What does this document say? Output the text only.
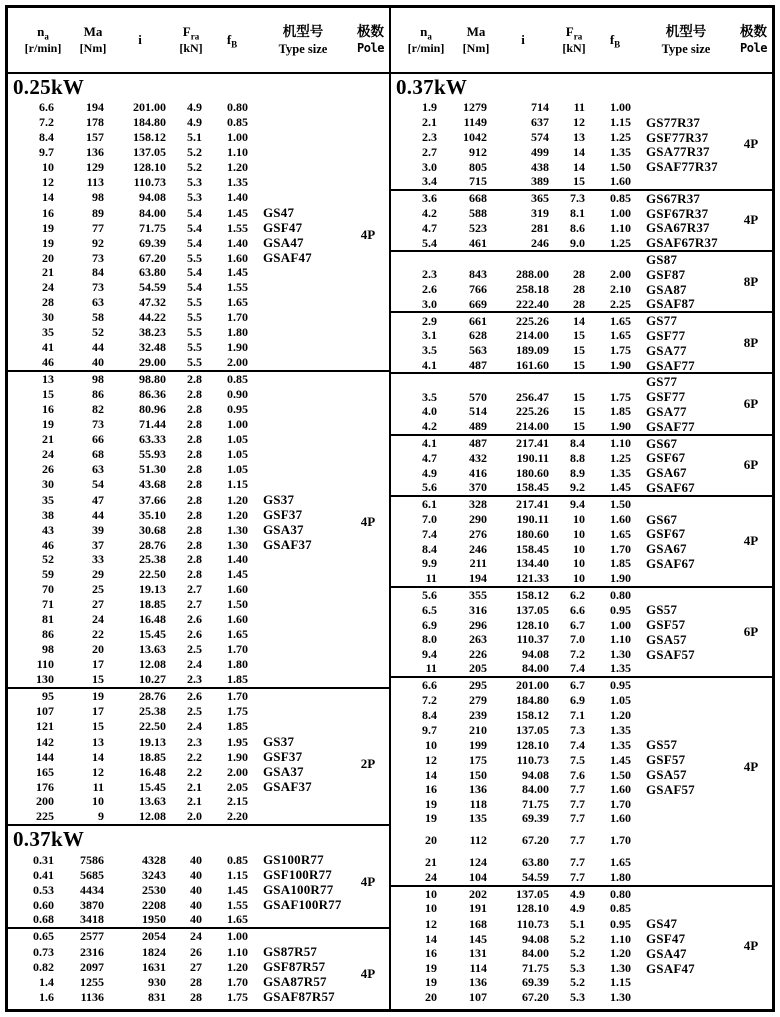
$n_a$
[r/min]
Ma
[Nm]
i
$F_{ra}$
[kN]
$f_B$
机型号
Type size
极数
Pole
0.25kW
6.6	194	201.00	4.9	0.80
7.2	178	184.80	4.9	0.85
8.4	157	158.12	5.1	1.00
9.7	136	137.05	5.2	1.10
10	129	128.10	5.2	1.20
12	113	110.73	5.3	1.35
14	98	94.08	5.3	1.40
16	89	84.00	5.4	1.45	GS47
19	77	71.75	5.4	1.55	GSF47
19	92	69.39	5.4	1.40	GSA47
20	73	67.20	5.5	1.60	GSAF47
21	84	63.80	5.4	1.45
24	73	54.59	5.4	1.55
28	63	47.32	5.5	1.65
30	58	44.22	5.5	1.70
35	52	38.23	5.5	1.80
41	44	32.48	5.5	1.90
46	40	29.00	5.5	2.00
4P
13	98	98.80	2.8	0.85
15	86	86.36	2.8	0.90
16	82	80.96	2.8	0.95
19	73	71.44	2.8	1.00
21	66	63.33	2.8	1.05
24	68	55.93	2.8	1.05
26	63	51.30	2.8	1.05
30	54	43.68	2.8	1.15
35	47	37.66	2.8	1.20	GS37
38	44	35.10	2.8	1.20	GSF37
43	39	30.68	2.8	1.30	GSA37
46	37	28.76	2.8	1.30	GSAF37
52	33	25.38	2.8	1.40
59	29	22.50	2.8	1.45
70	25	19.13	2.7	1.60
71	27	18.85	2.7	1.50
81	24	16.48	2.6	1.60
86	22	15.45	2.6	1.65
98	20	13.63	2.5	1.70
110	17	12.08	2.4	1.80
130	15	10.27	2.3	1.85
4P
95	19	28.76	2.6	1.70
107	17	25.38	2.5	1.75
121	15	22.50	2.4	1.85
142	13	19.13	2.3	1.95	GS37
144	14	18.85	2.2	1.90	GSF37
165	12	16.48	2.2	2.00	GSA37
176	11	15.45	2.1	2.05	GSAF37
200	10	13.63	2.1	2.15
225	9	12.08	2.0	2.20
2P
0.37kW
0.31	7586	4328	40	0.85	GS100R77
0.41	5685	3243	40	1.15	GSF100R77
0.53	4434	2530	40	1.45	GSA100R77
0.60	3870	2208	40	1.55	GSAF100R77
0.68	3418	1950	40	1.65
4P
0.65	2577	2054	24	1.00
0.73	2316	1824	26	1.10	GS87R57
0.82	2097	1631	27	1.20	GSF87R57
1.4	1255	930	28	1.70	GSA87R57
1.6	1136	831	28	1.75	GSAF87R57
4P
$n_a$
[r/min]
Ma
[Nm]
i
$F_{ra}$
[kN]
$f_B$
机型号
Type size
极数
Pole
0.37kW
1.9	1279	714	11	1.00
2.1	1149	637	12	1.15	GS77R37
2.3	1042	574	13	1.25	GSF77R37
2.7	912	499	14	1.35	GSA77R37
3.0	805	438	14	1.50	GSAF77R37
3.4	715	389	15	1.60
4P
3.6	668	365	7.3	0.85	GS67R37
4.2	588	319	8.1	1.00	GSF67R37
4.7	523	281	8.6	1.10	GSA67R37
5.4	461	246	9.0	1.25	GSAF67R37
4P
GS87
2.3	843	288.00	28	2.00	GSF87
2.6	766	258.18	28	2.10	GSA87
3.0	669	222.40	28	2.25	GSAF87
8P
2.9	661	225.26	14	1.65	GS77
3.1	628	214.00	15	1.65	GSF77
3.5	563	189.09	15	1.75	GSA77
4.1	487	161.60	15	1.90	GSAF77
8P
GS77
3.5	570	256.47	15	1.75	GSF77
4.0	514	225.26	15	1.85	GSA77
4.2	489	214.00	15	1.90	GSAF77
6P
4.1	487	217.41	8.4	1.10	GS67
4.7	432	190.11	8.8	1.25	GSF67
4.9	416	180.60	8.9	1.35	GSA67
5.6	370	158.45	9.2	1.45	GSAF67
6P
6.1	328	217.41	9.4	1.50
7.0	290	190.11	10	1.60	GS67
7.4	276	180.60	10	1.65	GSF67
8.4	246	158.45	10	1.70	GSA67
9.9	211	134.40	10	1.85	GSAF67
11	194	121.33	10	1.90
4P
5.6	355	158.12	6.2	0.80
6.5	316	137.05	6.6	0.95	GS57
6.9	296	128.10	6.7	1.00	GSF57
8.0	263	110.37	7.0	1.10	GSA57
9.4	226	94.08	7.2	1.30	GSAF57
11	205	84.00	7.4	1.35
6P
6.6	295	201.00	6.7	0.95
7.2	279	184.80	6.9	1.05
8.4	239	158.12	7.1	1.20
9.7	210	137.05	7.3	1.35
10	199	128.10	7.4	1.35	GS57
12	175	110.73	7.5	1.45	GSF57
14	150	94.08	7.6	1.50	GSA57
16	136	84.00	7.7	1.60	GSAF57
19	118	71.75	7.7	1.70
19	135	69.39	7.7	1.60
20	112	67.20	7.7	1.70
21	124	63.80	7.7	1.65
24	104	54.59	7.7	1.80
4P
10	202	137.05	4.9	0.80
10	191	128.10	4.9	0.85
12	168	110.73	5.1	0.95	GS47
14	145	94.08	5.2	1.10	GSF47
16	131	84.00	5.2	1.20	GSA47
19	114	71.75	5.3	1.30	GSAF47
19	136	69.39	5.2	1.15
20	107	67.20	5.3	1.30
4P
